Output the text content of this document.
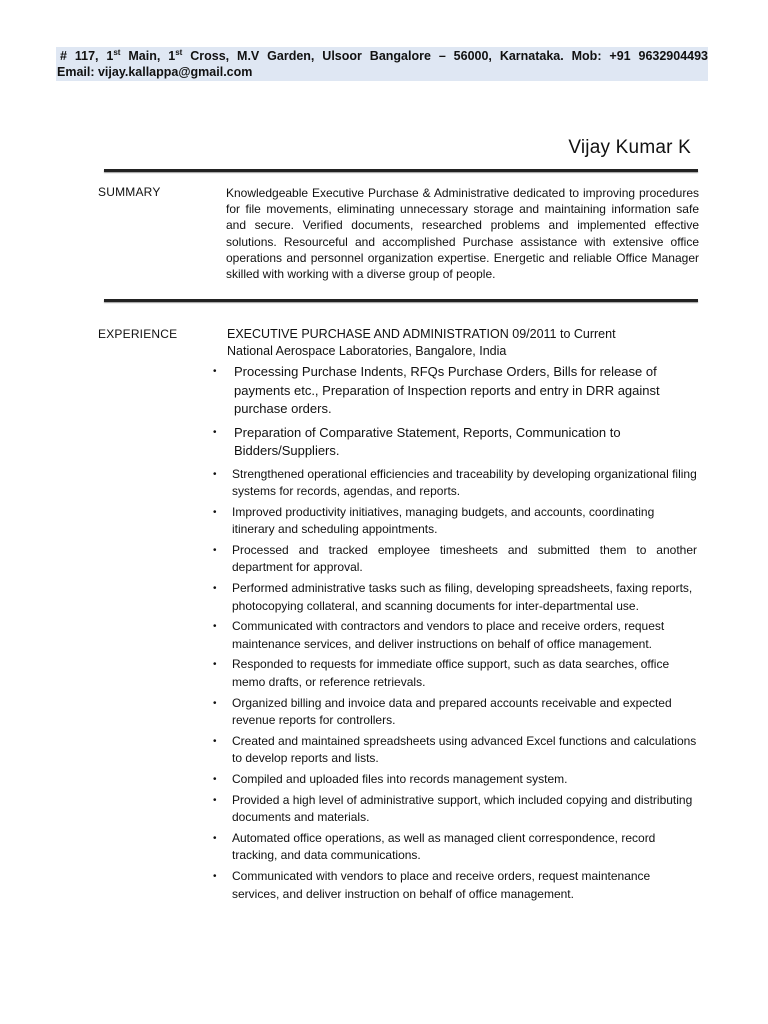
# 117, 1st Main, 1st Cross, M.V Garden, Ulsoor Bangalore – 56000, Karnataka. Mob: +91 9632904493
Email: vijay.kallappa@gmail.com
Vijay Kumar K
SUMMARY	Knowledgeable Executive Purchase & Administrative dedicated to improving procedures for file movements, eliminating unnecessary storage and maintaining information safe and secure. Verified documents, researched problems and implemented effective solutions. Resourceful and accomplished Purchase assistance with extensive office operations and personnel organization expertise. Energetic and reliable Office Manager skilled with working with a diverse group of people.
EXPERIENCE	EXECUTIVE PURCHASE AND ADMINISTRATION 09/2011 to Current
National Aerospace Laboratories, Bangalore, India
• Processing Purchase Indents, RFQs Purchase Orders, Bills for release of payments etc., Preparation of Inspection reports and entry in DRR against purchase orders.
• Preparation of Comparative Statement, Reports, Communication to Bidders/Suppliers.
• Strengthened operational efficiencies and traceability by developing organizational filing systems for records, agendas, and reports.
• Improved productivity initiatives, managing budgets, and accounts, coordinating itinerary and scheduling appointments.
• Processed and tracked employee timesheets and submitted them to another department for approval.
• Performed administrative tasks such as filing, developing spreadsheets, faxing reports, photocopying collateral, and scanning documents for inter-departmental use.
• Communicated with contractors and vendors to place and receive orders, request maintenance services, and deliver instructions on behalf of office management.
• Responded to requests for immediate office support, such as data searches, office memo drafts, or reference retrievals.
• Organized billing and invoice data and prepared accounts receivable and expected revenue reports for controllers.
• Created and maintained spreadsheets using advanced Excel functions and calculations to develop reports and lists.
• Compiled and uploaded files into records management system.
• Provided a high level of administrative support, which included copying and distributing documents and materials.
• Automated office operations, as well as managed client correspondence, record tracking, and data communications.
• Communicated with vendors to place and receive orders, request maintenance services, and deliver instruction on behalf of office management.
